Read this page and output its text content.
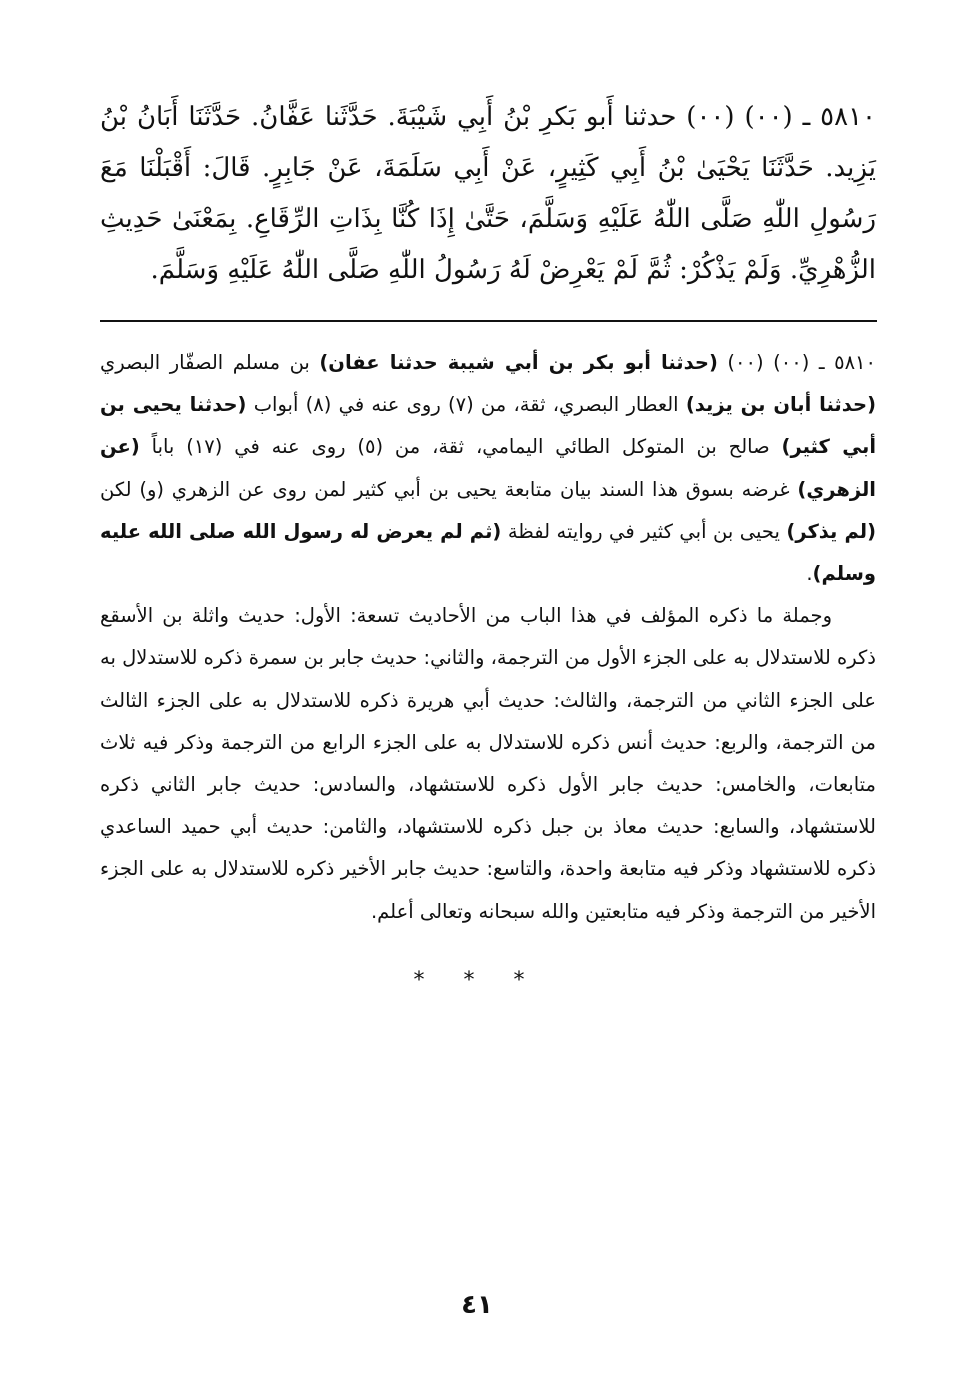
٥٨١٠ ـ (٠٠) (٠٠) حدثنا أَبو بَكرِ بْنُ أَبِي شَيْبَةَ. حَدَّثَنا عَفَّانُ. حَدَّثَنَا أَبَانُ بْنُ يَزِيد. حَدَّثَنَا يَحْيَىٰ بْنُ أَبِي كَثِيرٍ، عَنْ أَبِي سَلَمَةَ، عَنْ جَابِرٍ. قَالَ: أَقْبَلْنَا مَعَ رَسُولِ اللّٰهِ صَلَّى اللّٰهُ عَلَيْهِ وَسَلَّمَ، حَتَّىٰ إِذَا كُنَّا بِذَاتِ الرِّقَاعِ. بِمَعْنَىٰ حَدِيثِ الزُّهْرِيِّ. وَلَمْ يَذْكُرْ: ثُمَّ لَمْ يَعْرِضْ لَهُ رَسُولُ اللّٰهِ صَلَّى اللّٰهُ عَلَيْهِ وَسَلَّمَ.

٥٨١٠ ـ (٠٠) (٠٠) (حدثنا أبو بكر بن أبي شيبة حدثنا عفان) بن مسلم الصفّار البصري (حدثنا أبان بن يزيد) العطار البصري، ثقة، من (٧) روى عنه في (٨) أبواب (حدثنا يحيى بن أبي كثير) صالح بن المتوكل الطائي اليمامي، ثقة، من (٥) روى عنه في (١٧) باباً (عن الزهري) غرضه بسوق هذا السند بيان متابعة يحيى بن أبي كثير لمن روى عن الزهري (و) لكن (لم يذكر) يحيى بن أبي كثير في روايته لفظة (ثم لم يعرض له رسول الله صلى الله عليه وسلم).

وجملة ما ذكره المؤلف في هذا الباب من الأحاديث تسعة: الأول: حديث واثلة بن الأسقع ذكره للاستدلال به على الجزء الأول من الترجمة، والثاني: حديث جابر بن سمرة ذكره للاستدلال به على الجزء الثاني من الترجمة، والثالث: حديث أبي هريرة ذكره للاستدلال به على الجزء الثالث من الترجمة، والربع: حديث أنس ذكره للاستدلال به على الجزء الرابع من الترجمة وذكر فيه ثلاث متابعات، والخامس: حديث جابر الأول ذكره للاستشهاد، والسادس: حديث جابر الثاني ذكره للاستشهاد، والسابع: حديث معاذ بن جبل ذكره للاستشهاد، والثامن: حديث أبي حميد الساعدي ذكره للاستشهاد وذكر فيه متابعة واحدة، والتاسع: حديث جابر الأخير ذكره للاستدلال به على الجزء الأخير من الترجمة وذكر فيه متابعتين والله سبحانه وتعالى أعلم.

* * *
٤١
